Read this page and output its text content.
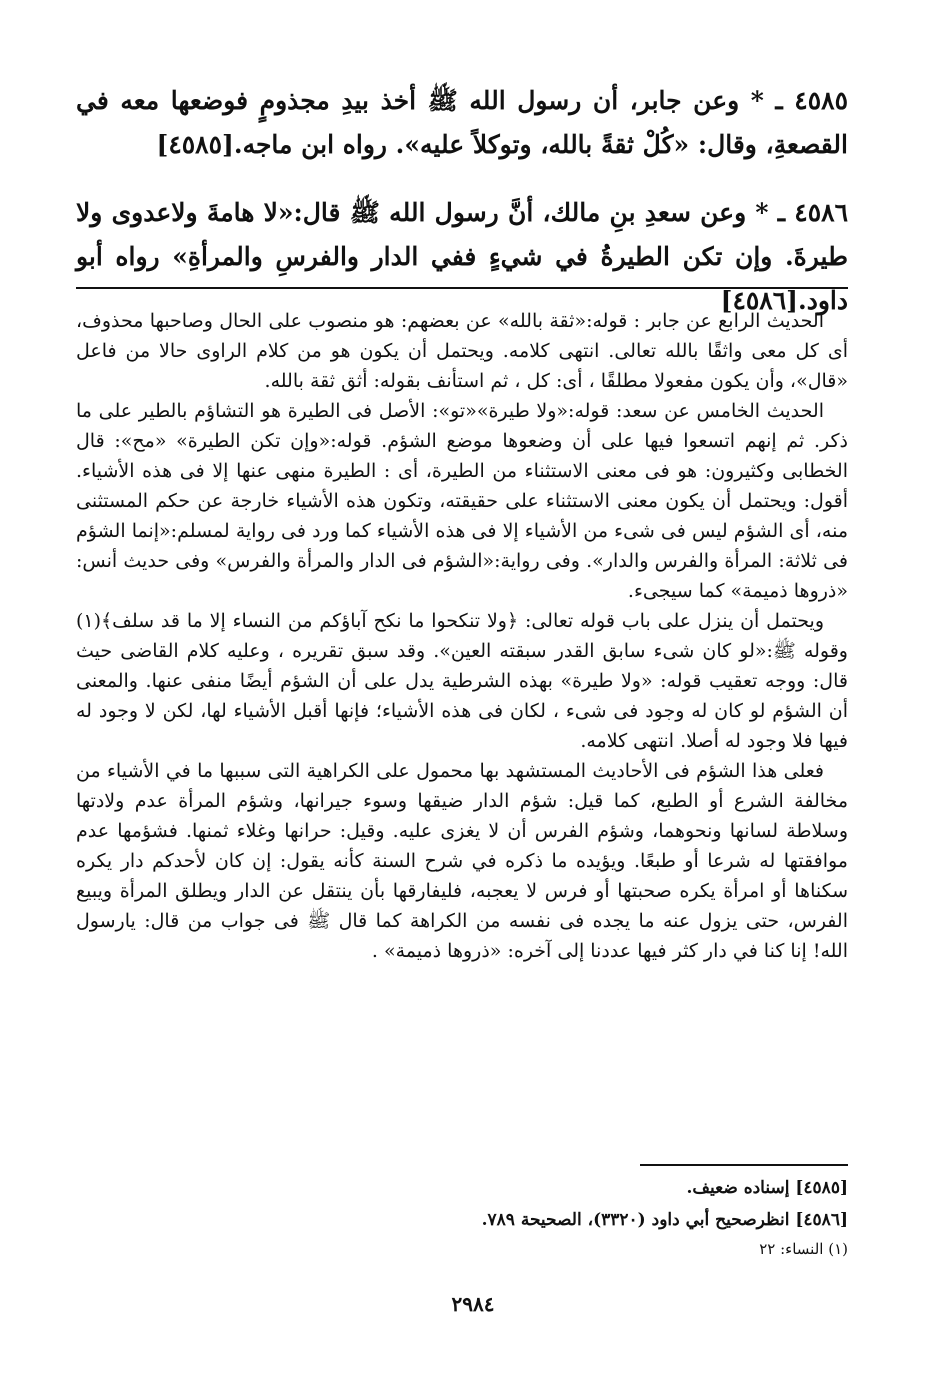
٤٥٨٥ ـ * وعن جابر، أن رسول الله ﷺ أخذ بيدِ مجذومٍ فوضعها معه في القصعةِ، وقال: «كُلْ ثقةً بالله، وتوكلاً عليه». رواه ابن ماجه.[٤٥٨٥]

٤٥٨٦ ـ * وعن سعدِ بنِ مالك، أنَّ رسول الله ﷺ قال:«لا هامةَ ولاعدوى ولا طيرةَ. وإن تكن الطيرةُ في شيءٍ ففي الدار والفرسِ والمرأةِ» رواه أبو داود.[٤٥٨٦]

الحديث الرابع عن جابر : قوله:«ثقة بالله» عن بعضهم: هو منصوب على الحال وصاحبها محذوف، أى كل معى واثقًا بالله تعالى. انتهى كلامه. ويحتمل أن يكون هو من كلام الراوى حالا من فاعل «قال»، وأن يكون مفعولا مطلقًا ، أى: كل ، ثم استأنف بقوله: أثق ثقة بالله.

الحديث الخامس عن سعد: قوله:«ولا طيرة»«تو»: الأصل فى الطيرة هو التشاؤم بالطير على ما ذكر. ثم إنهم اتسعوا فيها على أن وضعوها موضع الشؤم. قوله:«وإن تكن الطيرة» «مح»: قال الخطابى وكثيرون: هو فى معنى الاستثناء من الطيرة، أى : الطيرة منهى عنها إلا فى هذه الأشياء. أقول: ويحتمل أن يكون معنى الاستثناء على حقيقته، وتكون هذه الأشياء خارجة عن حكم المستثنى منه، أى الشؤم ليس فى شىء من الأشياء إلا فى هذه الأشياء كما ورد فى رواية لمسلم:«إنما الشؤم فى ثلاثة: المرأة والفرس والدار». وفى رواية:«الشؤم فى الدار والمرأة والفرس» وفى حديث أنس: «ذروها ذميمة» كما سيجىء.

ويحتمل أن ينزل على باب قوله تعالى: ﴿ولا تنكحوا ما نكح آباؤكم من النساء إلا ما قد سلف﴾(١) وقوله ﷺ:«لو كان شىء سابق القدر سبقته العين». وقد سبق تقريره ، وعليه كلام القاضى حيث قال: ووجه تعقيب قوله: «ولا طيرة» بهذه الشرطية يدل على أن الشؤم أيضًا منفى عنها. والمعنى أن الشؤم لو كان له وجود فى شىء ، لكان فى هذه الأشياء؛ فإنها أقبل الأشياء لها، لكن لا وجود له فيها فلا وجود له أصلا. انتهى كلامه.

فعلى هذا الشؤم فى الأحاديث المستشهد بها محمول على الكراهية التى سببها ما في الأشياء من مخالفة الشرع أو الطبع، كما قيل: شؤم الدار ضيقها وسوء جيرانها، وشؤم المرأة عدم ولادتها وسلاطة لسانها ونحوهما، وشؤم الفرس أن لا يغزى عليه. وقيل: حرانها وغلاء ثمنها. فشؤمها عدم موافقتها له شرعا أو طبعًا. ويؤيده ما ذكره في شرح السنة كأنه يقول: إن كان لأحدكم دار يكره سكناها أو امرأة يكره صحبتها أو فرس لا يعجبه، فليفارقها بأن ينتقل عن الدار ويطلق المرأة ويبيع الفرس، حتى يزول عنه ما يجده فى نفسه من الكراهة كما قال ﷺ فى جواب من قال: يارسول الله! إنا كنا في دار كثر فيها عددنا إلى آخره: «ذروها ذميمة» .

[٤٥٨٥] إسناده ضعيف.

[٤٥٨٦] انظرصحيح أبي داود (٣٣٢٠)، الصحيحة ٧٨٩.

(١) النساء: ٢٢

٢٩٨٤
